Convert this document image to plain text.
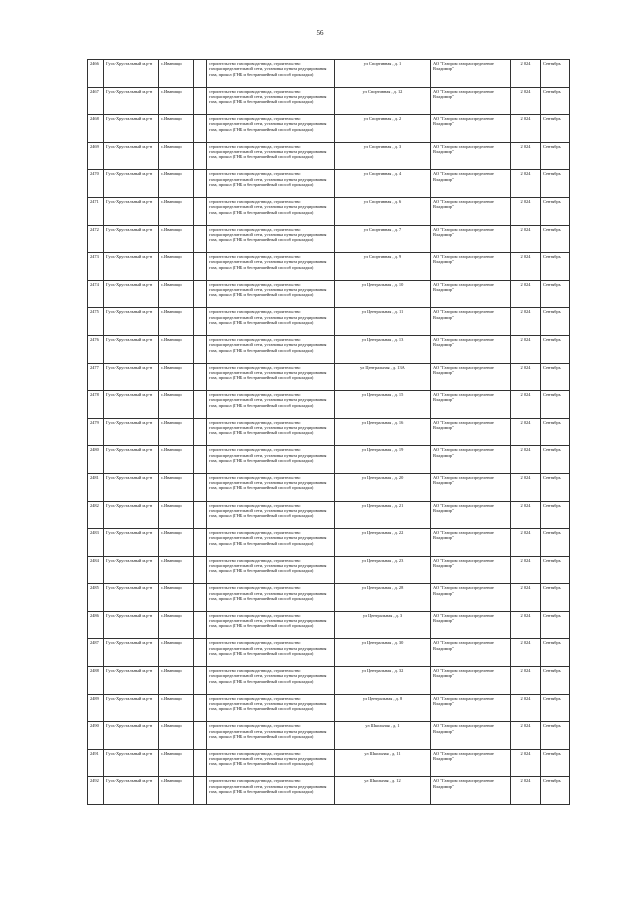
56
2466	Гусь-Хрустальный м.р-н	с.Иванищи		строительство газопровода-ввода, строительство газораспределительной сети, установка пункта редуцирования газа, прокол (ГНБ и бестраншейный способ прокладки)	ул Спортивная , д. 1	АО "Газпром газораспределение Владимир"	2 024	Сентябрь
2467	Гусь-Хрустальный м.р-н	с.Иванищи		строительство газопровода-ввода, строительство газораспределительной сети, установка пункта редуцирования газа, прокол (ГНБ и бестраншейный способ прокладки)	ул Спортивная , д. 12	АО "Газпром газораспределение Владимир"	2 024	Сентябрь
2468	Гусь-Хрустальный м.р-н	с.Иванищи		строительство газопровода-ввода, строительство газораспределительной сети, установка пункта редуцирования газа, прокол (ГНБ и бестраншейный способ прокладки)	ул Спортивная , д. 2	АО "Газпром газораспределение Владимир"	2 024	Сентябрь
2469	Гусь-Хрустальный м.р-н	с.Иванищи		строительство газопровода-ввода, строительство газораспределительной сети, установка пункта редуцирования газа, прокол (ГНБ и бестраншейный способ прокладки)	ул Спортивная , д. 3	АО "Газпром газораспределение Владимир"	2 024	Сентябрь
2470	Гусь-Хрустальный м.р-н	с.Иванищи		строительство газопровода-ввода, строительство газораспределительной сети, установка пункта редуцирования газа, прокол (ГНБ и бестраншейный способ прокладки)	ул Спортивная , д. 4	АО "Газпром газораспределение Владимир"	2 024	Сентябрь
2471	Гусь-Хрустальный м.р-н	с.Иванищи		строительство газопровода-ввода, строительство газораспределительной сети, установка пункта редуцирования газа, прокол (ГНБ и бестраншейный способ прокладки)	ул Спортивная , д. 6	АО "Газпром газораспределение Владимир"	2 024	Сентябрь
2472	Гусь-Хрустальный м.р-н	с.Иванищи		строительство газопровода-ввода, строительство газораспределительной сети, установка пункта редуцирования газа, прокол (ГНБ и бестраншейный способ прокладки)	ул Спортивная , д. 7	АО "Газпром газораспределение Владимир"	2 024	Сентябрь
2473	Гусь-Хрустальный м.р-н	с.Иванищи		строительство газопровода-ввода, строительство газораспределительной сети, установка пункта редуцирования газа, прокол (ГНБ и бестраншейный способ прокладки)	ул Спортивная , д. 9	АО "Газпром газораспределение Владимир"	2 024	Сентябрь
2474	Гусь-Хрустальный м.р-н	с.Иванищи		строительство газопровода-ввода, строительство газораспределительной сети, установка пункта редуцирования газа, прокол (ГНБ и бестраншейный способ прокладки)	ул Центральная , д. 10	АО "Газпром газораспределение Владимир"	2 024	Сентябрь
2475	Гусь-Хрустальный м.р-н	с.Иванищи		строительство газопровода-ввода, строительство газораспределительной сети, установка пункта редуцирования газа, прокол (ГНБ и бестраншейный способ прокладки)	ул Центральная , д. 11	АО "Газпром газораспределение Владимир"	2 024	Сентябрь
2476	Гусь-Хрустальный м.р-н	с.Иванищи		строительство газопровода-ввода, строительство газораспределительной сети, установка пункта редуцирования газа, прокол (ГНБ и бестраншейный способ прокладки)	ул Центральная , д. 13	АО "Газпром газораспределение Владимир"	2 024	Сентябрь
2477	Гусь-Хрустальный м.р-н	с.Иванищи		строительство газопровода-ввода, строительство газораспределительной сети, установка пункта редуцирования газа, прокол (ГНБ и бестраншейный способ прокладки)	ул Центральная , д. 13А	АО "Газпром газораспределение Владимир"	2 024	Сентябрь
2478	Гусь-Хрустальный м.р-н	с.Иванищи		строительство газопровода-ввода, строительство газораспределительной сети, установка пункта редуцирования газа, прокол (ГНБ и бестраншейный способ прокладки)	ул Центральная , д. 15	АО "Газпром газораспределение Владимир"	2 024	Сентябрь
2479	Гусь-Хрустальный м.р-н	с.Иванищи		строительство газопровода-ввода, строительство газораспределительной сети, установка пункта редуцирования газа, прокол (ГНБ и бестраншейный способ прокладки)	ул Центральная , д. 16	АО "Газпром газораспределение Владимир"	2 024	Сентябрь
2480	Гусь-Хрустальный м.р-н	с.Иванищи		строительство газопровода-ввода, строительство газораспределительной сети, установка пункта редуцирования газа, прокол (ГНБ и бестраншейный способ прокладки)	ул Центральная , д. 19	АО "Газпром газораспределение Владимир"	2 024	Сентябрь
2481	Гусь-Хрустальный м.р-н	с.Иванищи		строительство газопровода-ввода, строительство газораспределительной сети, установка пункта редуцирования газа, прокол (ГНБ и бестраншейный способ прокладки)	ул Центральная , д. 20	АО "Газпром газораспределение Владимир"	2 024	Сентябрь
2482	Гусь-Хрустальный м.р-н	с.Иванищи		строительство газопровода-ввода, строительство газораспределительной сети, установка пункта редуцирования газа, прокол (ГНБ и бестраншейный способ прокладки)	ул Центральная , д. 21	АО "Газпром газораспределение Владимир"	2 024	Сентябрь
2483	Гусь-Хрустальный м.р-н	с.Иванищи		строительство газопровода-ввода, строительство газораспределительной сети, установка пункта редуцирования газа, прокол (ГНБ и бестраншейный способ прокладки)	ул Центральная , д. 22	АО "Газпром газораспределение Владимир"	2 024	Сентябрь
2484	Гусь-Хрустальный м.р-н	с.Иванищи		строительство газопровода-ввода, строительство газораспределительной сети, установка пункта редуцирования газа, прокол (ГНБ и бестраншейный способ прокладки)	ул Центральная , д. 23	АО "Газпром газораспределение Владимир"	2 024	Сентябрь
2485	Гусь-Хрустальный м.р-н	с.Иванищи		строительство газопровода-ввода, строительство газораспределительной сети, установка пункта редуцирования газа, прокол (ГНБ и бестраншейный способ прокладки)	ул Центральная , д. 28	АО "Газпром газораспределение Владимир"	2 024	Сентябрь
2486	Гусь-Хрустальный м.р-н	с.Иванищи		строительство газопровода-ввода, строительство газораспределительной сети, установка пункта редуцирования газа, прокол (ГНБ и бестраншейный способ прокладки)	ул Центральная , д. 3	АО "Газпром газораспределение Владимир"	2 024	Сентябрь
2487	Гусь-Хрустальный м.р-н	с.Иванищи		строительство газопровода-ввода, строительство газораспределительной сети, установка пункта редуцирования газа, прокол (ГНБ и бестраншейный способ прокладки)	ул Центральная , д. 30	АО "Газпром газораспределение Владимир"	2 024	Сентябрь
2488	Гусь-Хрустальный м.р-н	с.Иванищи		строительство газопровода-ввода, строительство газораспределительной сети, установка пункта редуцирования газа, прокол (ГНБ и бестраншейный способ прокладки)	ул Центральная , д. 32	АО "Газпром газораспределение Владимир"	2 024	Сентябрь
2489	Гусь-Хрустальный м.р-н	с.Иванищи		строительство газопровода-ввода, строительство газораспределительной сети, установка пункта редуцирования газа, прокол (ГНБ и бестраншейный способ прокладки)	ул Центральная , д. 8	АО "Газпром газораспределение Владимир"	2 024	Сентябрь
2490	Гусь-Хрустальный м.р-н	с.Иванищи		строительство газопровода-ввода, строительство газораспределительной сети, установка пункта редуцирования газа, прокол (ГНБ и бестраншейный способ прокладки)	ул Школьная , д. 1	АО "Газпром газораспределение Владимир"	2 024	Сентябрь
2491	Гусь-Хрустальный м.р-н	с.Иванищи		строительство газопровода-ввода, строительство газораспределительной сети, установка пункта редуцирования газа, прокол (ГНБ и бестраншейный способ прокладки)	ул Школьная , д. 11	АО "Газпром газораспределение Владимир"	2 024	Сентябрь
2492	Гусь-Хрустальный м.р-н	с.Иванищи		строительство газопровода-ввода, строительство газораспределительной сети, установка пункта редуцирования газа, прокол (ГНБ и бестраншейный способ прокладки)	ул Школьная , д. 12	АО "Газпром газораспределение Владимир"	2 024	Сентябрь
